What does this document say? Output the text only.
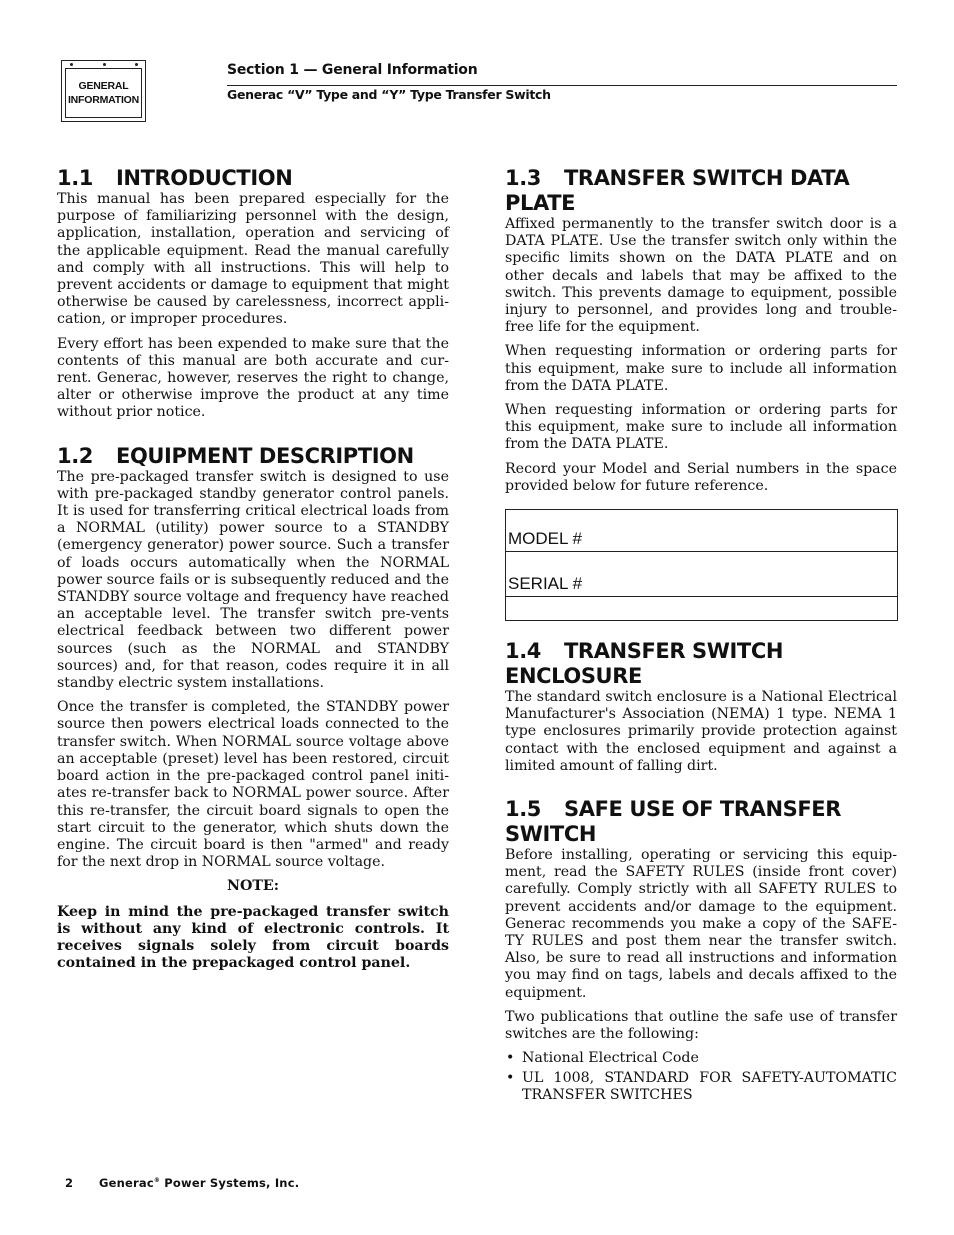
GENERAL
INFORMATION
Section 1 — General Information
Generac “V” Type and “Y” Type Transfer Switch
1.1 INTRODUCTION

This manual has been prepared especially for the purpose of familiarizing personnel with the design, application, installation, operation and servicing of the applicable equipment. Read the manual carefully and comply with all instructions. This will help to prevent accidents or damage to equipment that might otherwise be caused by carelessness, incorrect appli-cation, or improper procedures.

Every effort has been expended to make sure that the contents of this manual are both accurate and cur-rent. Generac, however, reserves the right to change, alter or otherwise improve the product at any time without prior notice.

1.2 EQUIPMENT DESCRIPTION

The pre-packaged transfer switch is designed to use with pre-packaged standby generator control panels. It is used for transferring critical electrical loads from a NORMAL (utility) power source to a STANDBY (emergency generator) power source. Such a transfer of loads occurs automatically when the NORMAL power source fails or is subsequently reduced and the STANDBY source voltage and frequency have reached an acceptable level. The transfer switch pre-vents electrical feedback between two different power sources (such as the NORMAL and STANDBY sources) and, for that reason, codes require it in all standby electric system installations.

Once the transfer is completed, the STANDBY power source then powers electrical loads connected to the transfer switch. When NORMAL source voltage above an acceptable (preset) level has been restored, circuit board action in the pre-packaged control panel initi-ates re-transfer back to NORMAL power source. After this re-transfer, the circuit board signals to open the start circuit to the generator, which shuts down the engine. The circuit board is then "armed" and ready for the next drop in NORMAL source voltage.

NOTE:

Keep in mind the pre-packaged transfer switch is without any kind of electronic controls. It receives signals solely from circuit boards contained in the prepackaged control panel.

1.3 TRANSFER SWITCH DATA PLATE

Affixed permanently to the transfer switch door is a DATA PLATE. Use the transfer switch only within the specific limits shown on the DATA PLATE and on other decals and labels that may be affixed to the switch. This prevents damage to equipment, possible injury to personnel, and provides long and trouble-free life for the equipment.

When requesting information or ordering parts for this equipment, make sure to include all information from the DATA PLATE.

When requesting information or ordering parts for this equipment, make sure to include all information from the DATA PLATE.

Record your Model and Serial numbers in the space provided below for future reference.

MODEL #
SERIAL #
1.4 TRANSFER SWITCH ENCLOSURE

The standard switch enclosure is a National Electrical Manufacturer's Association (NEMA) 1 type. NEMA 1 type enclosures primarily provide protection against contact with the enclosed equipment and against a limited amount of falling dirt.

1.5 SAFE USE OF TRANSFER SWITCH

Before installing, operating or servicing this equip-ment, read the SAFETY RULES (inside front cover) carefully. Comply strictly with all SAFETY RULES to prevent accidents and/or damage to the equipment. Generac recommends you make a copy of the SAFE-TY RULES and post them near the transfer switch. Also, be sure to read all instructions and information you may find on tags, labels and decals affixed to the equipment.

Two publications that outline the safe use of transfer switches are the following:

• National Electrical Code
• UL 1008, STANDARD FOR SAFETY-AUTOMATIC TRANSFER SWITCHES
2 Generac® Power Systems, Inc.
